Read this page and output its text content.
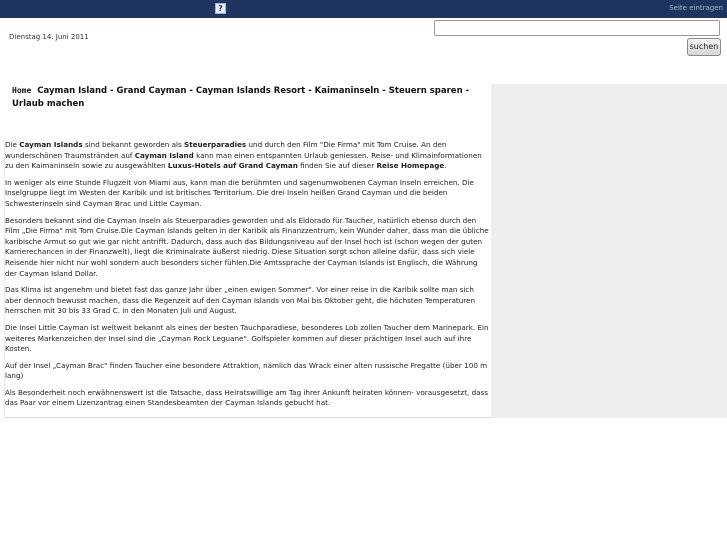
?	Seite eintragen
Dienstag 14. Juni 2011
suchen
Home Cayman Island - Grand Cayman - Cayman Islands Resort - Kaimaninseln - Steuern sparen - Urlaub machen

Die Cayman Islands sind bekannt geworden als Steuerparadies und durch den Film "Die Firma" mit Tom Cruise. An den wunderschönen Traumstränden auf Cayman Island kann man einen entspannten Urlaub geniessen. Reise- und Klimainformationen zu den Kaimaninseln sowie zu ausgewählten Luxus-Hotels auf Grand Cayman finden Sie auf dieser Reise Homepage.

In weniger als eine Stunde Flugzeit von Miami aus, kann man die berühmten und sagenumwobenen Cayman Inseln erreichen. Die Inselgruppe liegt im Westen der Karibik und ist britisches Territorium. Die drei Inseln heißen Grand Cayman und die beiden Schwesterinseln sind Cayman Brac und Little Cayman.

Besonders bekannt sind die Cayman Inseln als Steuerparadies geworden und als Eldorado für Taucher, natürlich ebenso durch den Film „Die Firma" mit Tom Cruise.Die Cayman Islands gelten in der Karibik als Finanzzentrum, kein Wunder daher, dass man die übliche karibische Armut so gut wie gar nicht antrifft. Dadurch, dass auch das Bildungsniveau auf der Insel hoch ist (schon wegen der guten Karrierechancen in der Finanzwelt), liegt die Kriminalrate äußerst niedrig. Diese Situation sorgt schon alleine dafür, dass sich viele Reisende hier nicht nur wohl sondern auch besonders sicher fühlen.Die Amtssprache der Cayman Islands ist Englisch, die Währung der Cayman Island Dollar.

Das Klima ist angenehm und bietet fast das ganze Jahr über „einen ewigen Sommer". Vor einer reise in die Karibik sollte man sich aber dennoch bewusst machen, dass die Regenzeit auf den Cayman Islands von Mai bis Oktober geht, die höchsten Temperaturen herrschen mit 30 bis 33 Grad C. in den Monaten Juli und August.

Die Insel Little Cayman ist weltweit bekannt als eines der besten Tauchparadiese, besonderes Lob zollen Taucher dem Marinepark. Ein weiteres Markenzeichen der Insel sind die „Cayman Rock Leguane". Golfspieler kommen auf dieser prächtigen Insel auch auf ihre Kosten.

Auf der Insel „Cayman Brac" finden Taucher eine besondere Attraktion, nämlich das Wrack einer alten russische Fregatte (über 100 m lang)

Als Besonderheit noch erwähnenswert ist die Tatsache, dass Heiratswillige am Tag ihrer Ankunft heiraten können- vorausgesetzt, dass das Paar vor einem Lizenzantrag einen Standesbeamten der Cayman Islands gebucht hat.
